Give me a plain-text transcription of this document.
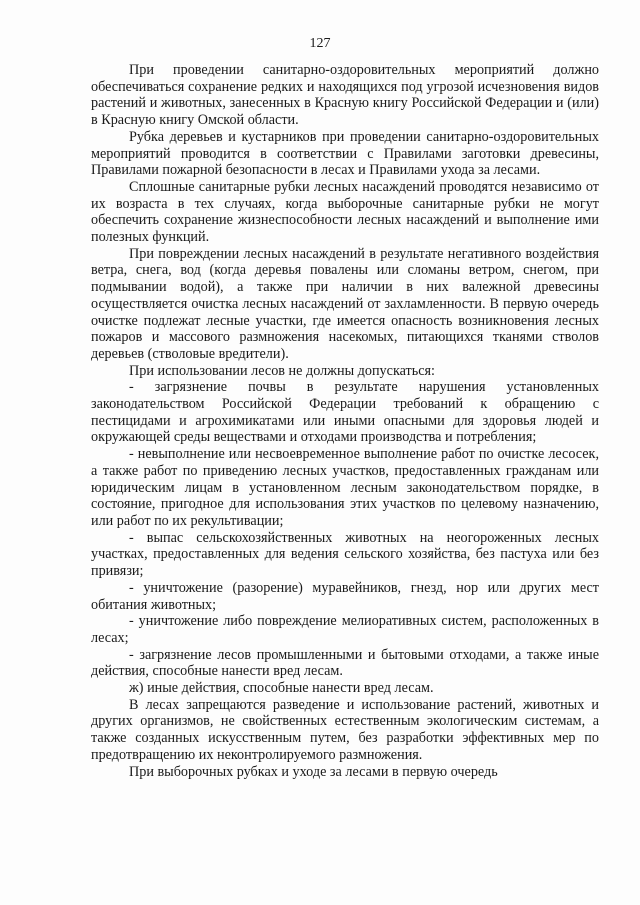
127

При проведении санитарно-оздоровительных мероприятий должно обеспечиваться сохранение редких и находящихся под угрозой исчезновения видов растений и животных, занесенных в Красную книгу Российской Федерации и (или) в Красную книгу Омской области.

Рубка деревьев и кустарников при проведении санитарно-оздоровительных мероприятий проводится в соответствии с Правилами заготовки древесины, Правилами пожарной безопасности в лесах и Правилами ухода за лесами.

Сплошные санитарные рубки лесных насаждений проводятся независимо от их возраста в тех случаях, когда выборочные санитарные рубки не могут обеспечить сохранение жизнеспособности лесных насаждений и выполнение ими полезных функций.

При повреждении лесных насаждений в результате негативного воздействия ветра, снега, вод (когда деревья повалены или сломаны ветром, снегом, при подмывании водой), а также при наличии в них валежной древесины осуществляется очистка лесных насаждений от захламленности. В первую очередь очистке подлежат лесные участки, где имеется опасность возникновения лесных пожаров и массового размножения насекомых, питающихся тканями стволов деревьев (стволовые вредители).

При использовании лесов не должны допускаться:

- загрязнение почвы в результате нарушения установленных законодательством Российской Федерации требований к обращению с пестицидами и агрохимикатами или иными опасными для здоровья людей и окружающей среды веществами и отходами производства и потребления;

- невыполнение или несвоевременное выполнение работ по очистке лесосек, а также работ по приведению лесных участков, предоставленных гражданам или юридическим лицам в установленном лесным законодательством порядке, в состояние, пригодное для использования этих участков по целевому назначению, или работ по их рекультивации;

- выпас сельскохозяйственных животных на неогороженных лесных участках, предоставленных для ведения сельского хозяйства, без пастуха или без привязи;

- уничтожение (разорение) муравейников, гнезд, нор или других мест обитания животных;

- уничтожение либо повреждение мелиоративных систем, расположенных в лесах;

- загрязнение лесов промышленными и бытовыми отходами, а также иные действия, способные нанести вред лесам.

ж) иные действия, способные нанести вред лесам.

В лесах запрещаются разведение и использование растений, животных и других организмов, не свойственных естественным экологическим системам, а также созданных искусственным путем, без разработки эффективных мер по предотвращению их неконтролируемого размножения.

При выборочных рубках и уходе за лесами в первую очередь
